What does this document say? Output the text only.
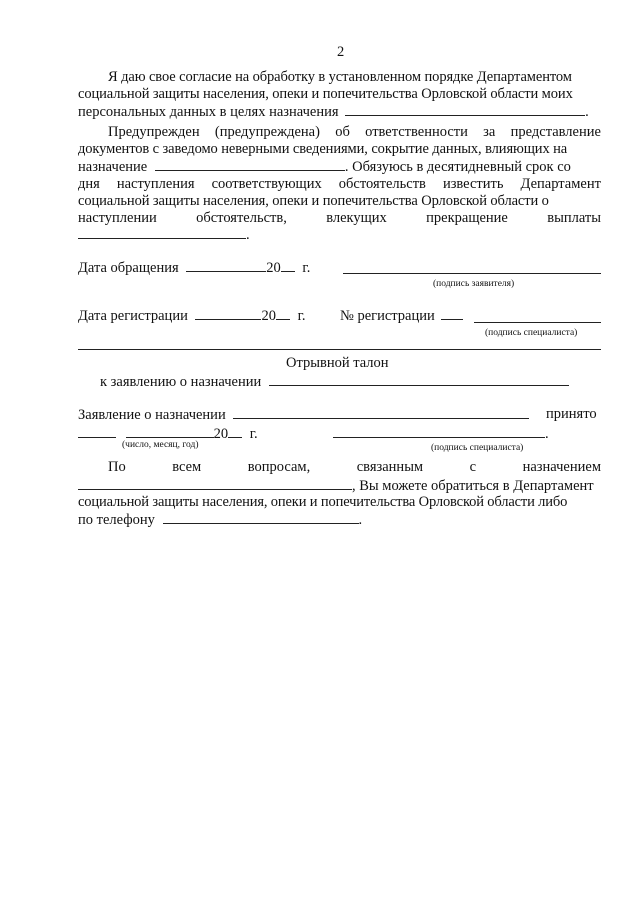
2
Я даю свое согласие на обработку в установленном порядке Департаментом
социальной защиты населения, опеки и попечительства Орловской области моих
персональных данных в целях назначения	.
Предупрежден (предупреждена) об ответственности за представление
документов с заведомо неверными сведениями, сокрытие данных, влияющих на
назначение	. Обязуюсь в десятидневный срок со
дня наступления соответствующих обстоятельств известить Департамент
социальной защиты населения, опеки и попечительства Орловской области о
наступлении	обстоятельств,	влекущих	прекращение	выплаты
.
Дата обращения	20 г.
(подпись заявителя)
Дата регистрации	20 г. № регистрации
(подпись специалиста)
Отрывной талон
к заявлению о назначении
Заявление о назначении	принято
20 г.
(число, месяц, год)
.
(подпись специалиста)
По	всем	вопросам,	связанным	с	назначением
, Вы можете обратиться в Департамент
социальной защиты населения, опеки и попечительства Орловской области либо
по телефону	.
